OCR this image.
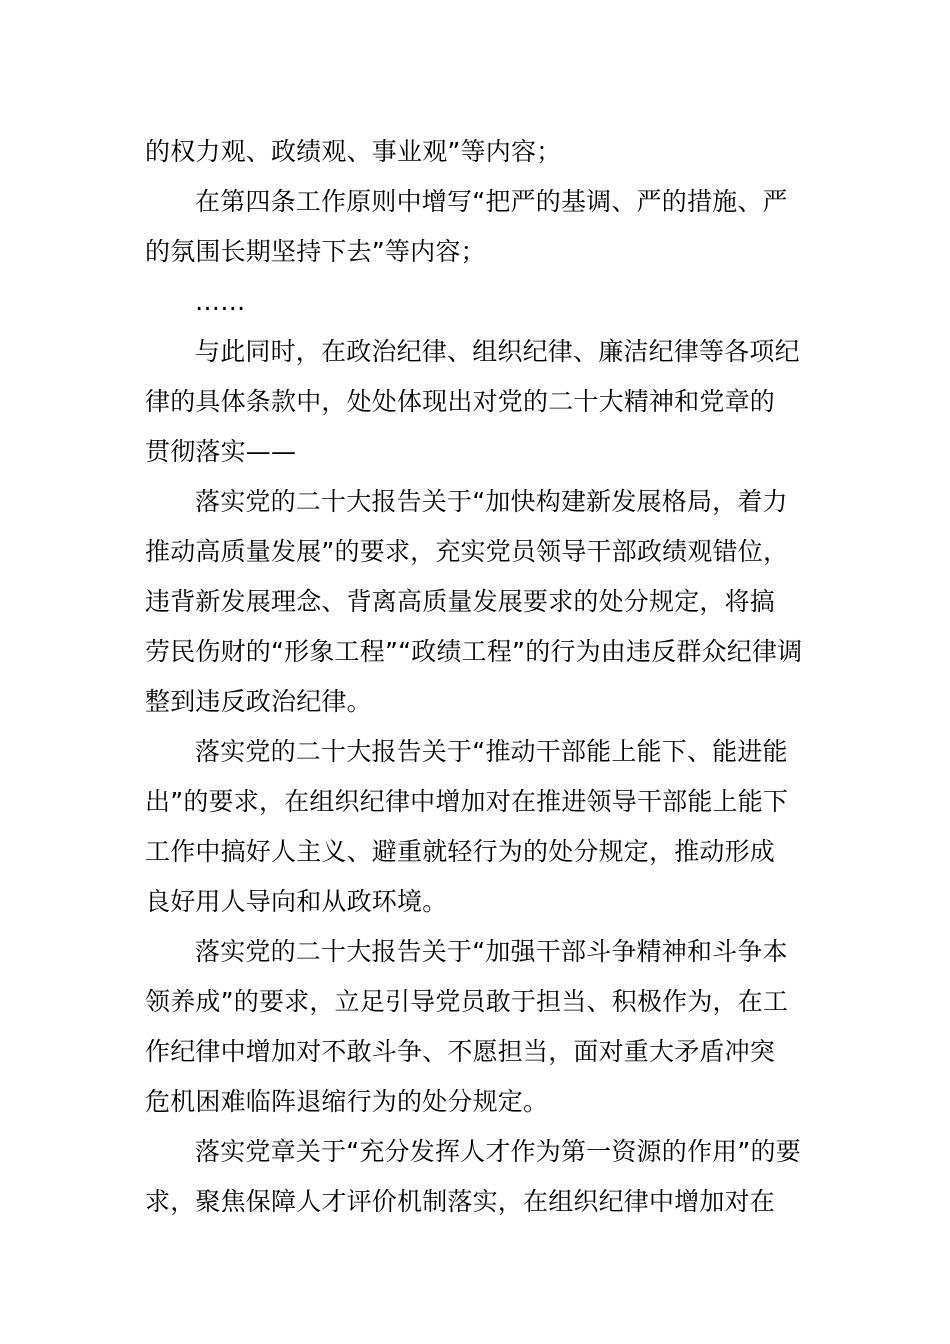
的权力观、政绩观、事业观”等内容；
在第四条工作原则中增写“把严的基调、严的措施、严
的氛围长期坚持下去”等内容；
……
与此同时，在政治纪律、组织纪律、廉洁纪律等各项纪
律的具体条款中，处处体现出对党的二十大精神和党章的
贯彻落实——
落实党的二十大报告关于“加快构建新发展格局，着力
推动高质量发展”的要求，充实党员领导干部政绩观错位，
违背新发展理念、背离高质量发展要求的处分规定，将搞
劳民伤财的“形象工程”“政绩工程”的行为由违反群众纪律调
整到违反政治纪律。
落实党的二十大报告关于“推动干部能上能下、能进能
出”的要求，在组织纪律中增加对在推进领导干部能上能下
工作中搞好人主义、避重就轻行为的处分规定，推动形成
良好用人导向和从政环境。
落实党的二十大报告关于“加强干部斗争精神和斗争本
领养成”的要求，立足引导党员敢于担当、积极作为，在工
作纪律中增加对不敢斗争、不愿担当，面对重大矛盾冲突
危机困难临阵退缩行为的处分规定。
落实党章关于“充分发挥人才作为第一资源的作用”的要
求，聚焦保障人才评价机制落实，在组织纪律中增加对在
